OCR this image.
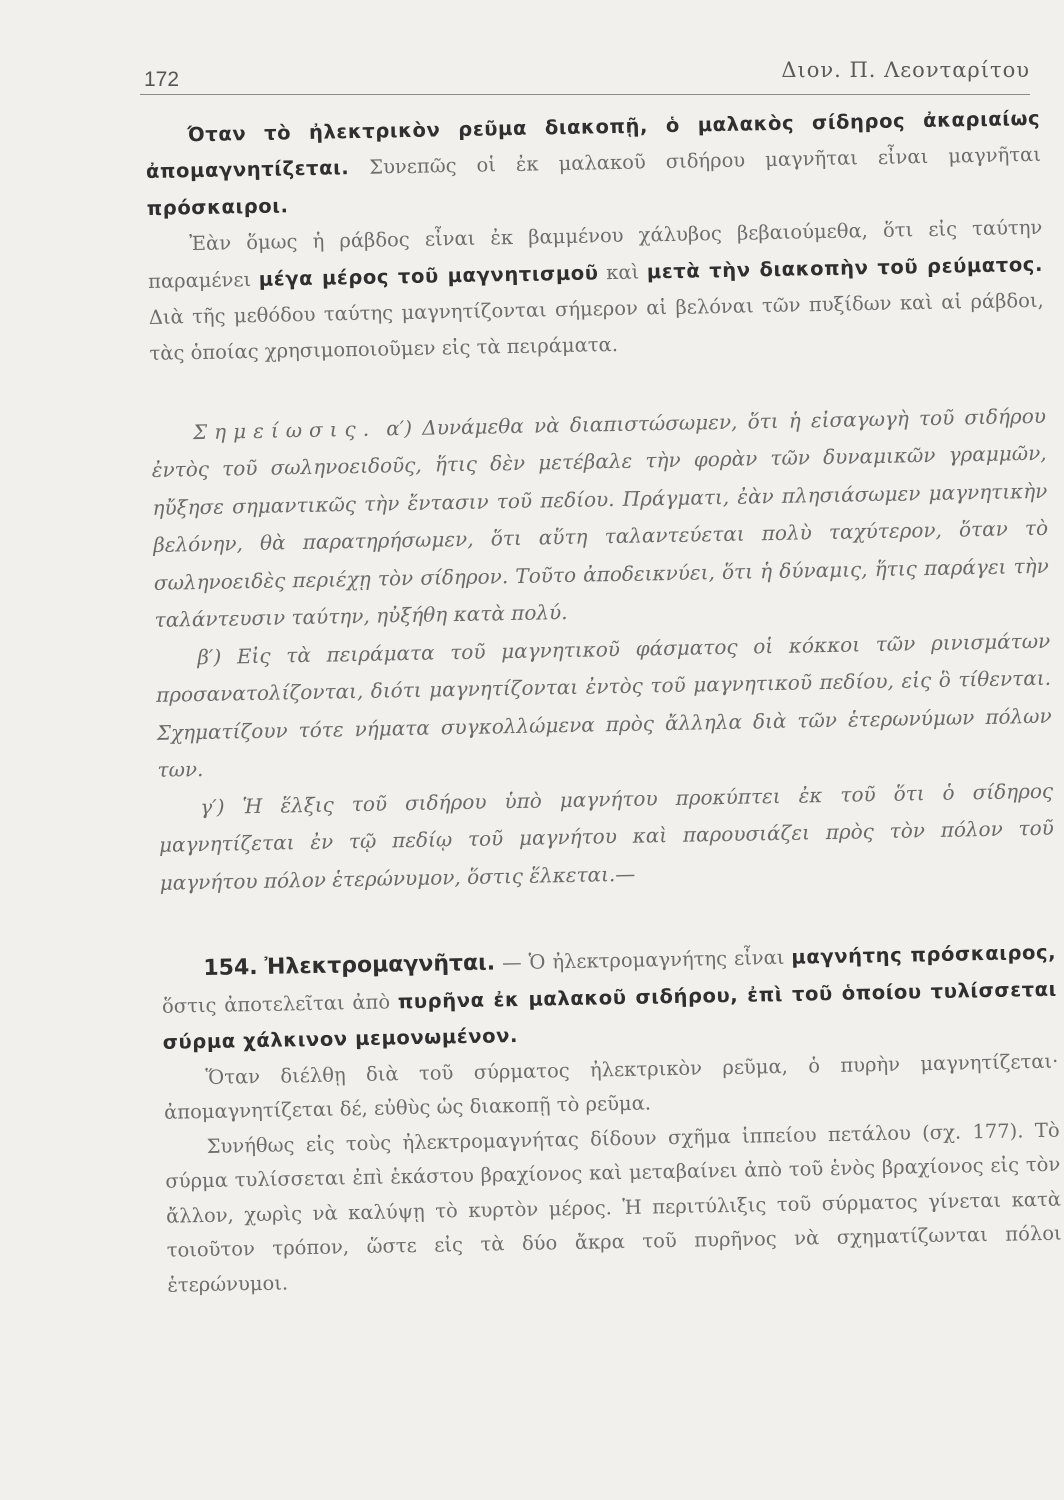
172	Διον. Π. Λεονταρίτου

Όταν τὸ ἠλεκτρικὸν ρεῦμα διακοπῇ, ὁ μαλακὸς σίδηρος ἀκαριαίως ἀπομαγνητίζεται. Συνεπῶς οἱ ἐκ μαλακοῦ σιδήρου μαγνῆται εἶναι μαγνῆται πρόσκαιροι.

Ἐὰν ὅμως ἡ ράβδος εἶναι ἐκ βαμμένου χάλυβος βεβαιούμεθα, ὅτι εἰς ταύτην παραμένει μέγα μέρος τοῦ μαγνητισμοῦ καὶ μετὰ τὴν διακοπὴν τοῦ ρεύματος. Διὰ τῆς μεθόδου ταύτης μαγνητίζονται σήμερον αἱ βελόναι τῶν πυξίδων καὶ αἱ ράβδοι, τὰς ὁποίας χρησιμοποιοῦμεν εἰς τὰ πειράματα.

Σημείωσις. α′) Δυνάμεθα νὰ διαπιστώσωμεν, ὅτι ἡ εἰσαγωγὴ τοῦ σιδήρου ἐντὸς τοῦ σωληνοειδοῦς, ἥτις δὲν μετέβαλε τὴν φορὰν τῶν δυναμικῶν γραμμῶν, ηὔξησε σημαντικῶς τὴν ἔντασιν τοῦ πεδίου. Πράγματι, ἐὰν πλησιάσωμεν μαγνητικὴν βελόνην, θὰ παρατηρήσωμεν, ὅτι αὕτη ταλαντεύεται πολὺ ταχύτερον, ὅταν τὸ σωληνοειδὲς περιέχῃ τὸν σίδηρον. Τοῦτο ἀποδεικνύει, ὅτι ἡ δύναμις, ἥτις παράγει τὴν ταλάντευσιν ταύτην, ηὐξήθη κατὰ πολύ.

β′) Εἰς τὰ πειράματα τοῦ μαγνητικοῦ φάσματος οἱ κόκκοι τῶν ρινισμάτων προσανατολίζονται, διότι μαγνητίζονται ἐντὸς τοῦ μαγνητικοῦ πεδίου, εἰς ὃ τίθενται. Σχηματίζουν τότε νήματα συγκολλώμενα πρὸς ἄλληλα διὰ τῶν ἑτερωνύμων πόλων των.

γ′) Ἡ ἕλξις τοῦ σιδήρου ὑπὸ μαγνήτου προκύπτει ἐκ τοῦ ὅτι ὁ σίδηρος μαγνητίζεται ἐν τῷ πεδίῳ τοῦ μαγνήτου καὶ παρουσιάζει πρὸς τὸν πόλον τοῦ μαγνήτου πόλον ἑτερώνυμον, ὅστις ἕλκεται.—

154. Ἠλεκτρομαγνῆται. — Ὁ ἠλεκτρομαγνήτης εἶναι μαγνήτης πρόσκαιρος, ὅστις ἀποτελεῖται ἀπὸ πυρῆνα ἐκ μαλακοῦ σιδήρου, ἐπὶ τοῦ ὁποίου τυλίσσεται σύρμα χάλκινον μεμονωμένον.

Ὅταν διέλθῃ διὰ τοῦ σύρματος ἠλεκτρικὸν ρεῦμα, ὁ πυρὴν μαγνητίζεται· ἀπομαγνητίζεται δέ, εὐθὺς ὡς διακοπῇ τὸ ρεῦμα.

Συνήθως εἰς τοὺς ἠλεκτρομαγνήτας δίδουν σχῆμα ἱππείου πετάλου (σχ. 177). Τὸ σύρμα τυλίσσεται ἐπὶ ἑκάστου βραχίονος καὶ μεταβαίνει ἀπὸ τοῦ ἑνὸς βραχίονος εἰς τὸν ἄλλον, χωρὶς νὰ καλύψῃ τὸ κυρτὸν μέρος. Ἡ περιτύλιξις τοῦ σύρματος γίνεται κατὰ τοιοῦτον τρόπον, ὥστε εἰς τὰ δύο ἄκρα τοῦ πυρῆνος νὰ σχηματίζωνται πόλοι ἑτερώνυμοι.
